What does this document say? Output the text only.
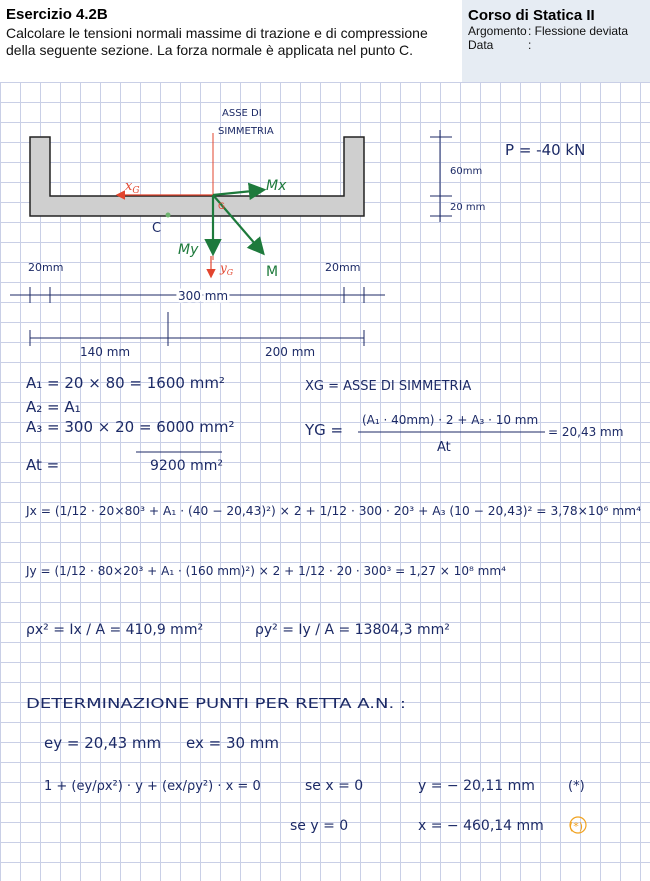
Esercizio 4.2B
Calcolare le tensioni normali massime di trazione e di compressione della seguente sezione. La forza normale è applicata nel punto C.
Corso di Statica II
Argomento: Flessione deviata
Data	:
ASSE DI
SIMMETRIA
$x_G$	Mx
My
M
$y_G$
C
G
P = -40 kN
60mm
20 mm
20mm	20mm
300 mm
140 mm	200 mm
A₁ = 20 × 80 = 1600 mm²
A₂ = A₁
A₃ = 300 × 20 = 6000 mm²
At =	9200 mm²
XG = ASSE DI SIMMETRIA
YG =
(A₁ · 40mm) · 2 + A₃ · 10 mm
At
= 20,43 mm
Jx = (1/12 · 20×80³ + A₁ · (40 − 20,43)²) × 2 + 1/12 · 300 · 20³ + A₃ (10 − 20,43)² = 3,78×10⁶ mm⁴
Jy = (1/12 · 80×20³ + A₁ · (160 mm)²) × 2 + 1/12 · 20 · 300³ = 1,27 × 10⁸ mm⁴
ρx² = Ix / A = 410,9 mm²	ρy² = Iy / A = 13804,3 mm²
DETERMINAZIONE PUNTI PER RETTA A.N. :
ey = 20,43 mm ex = 30 mm
1 + (ey/ρx²) · y + (ex/ρy²) · x = 0	se x = 0	y = − 20,11 mm	(*)
se y = 0	x = − 460,14 mm (*)
